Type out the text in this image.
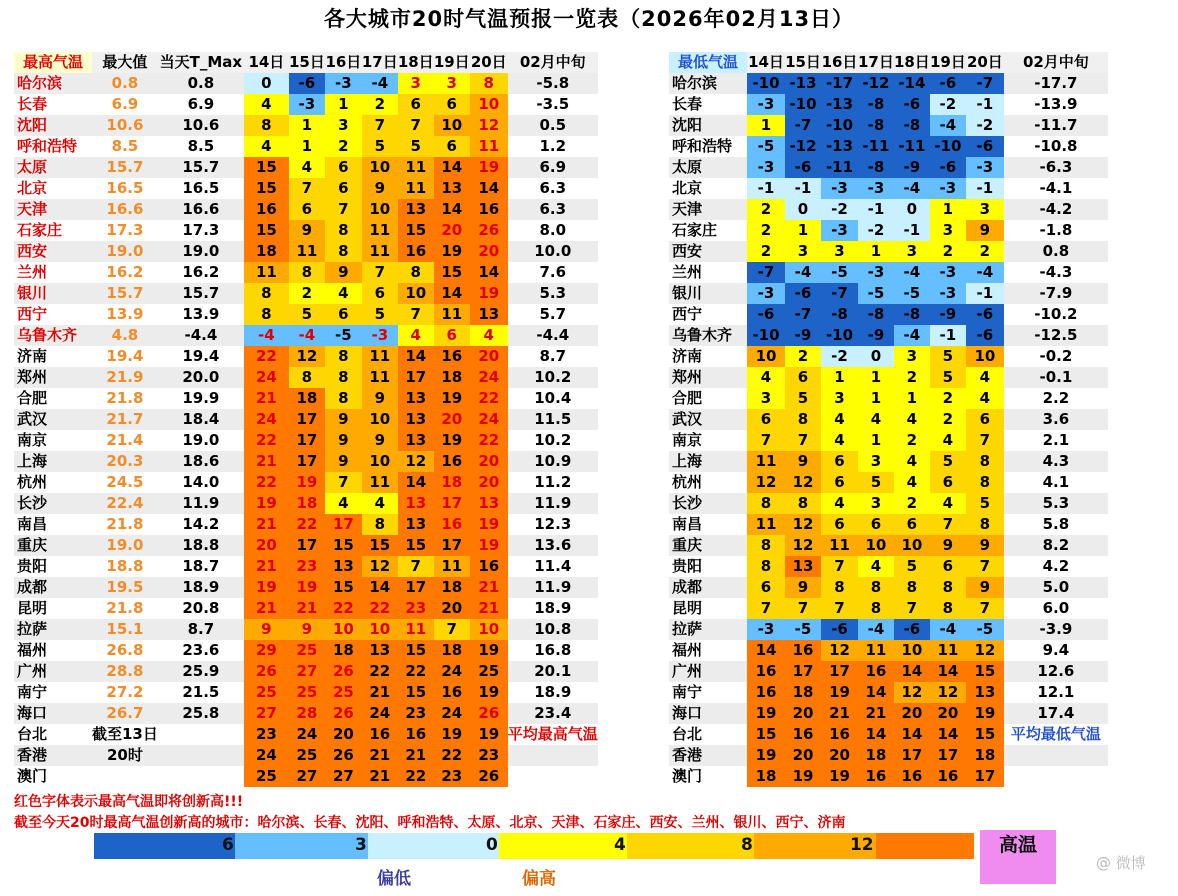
各大城市20时气温预报一览表（2026年02月13日）
最高气温	最大值	当天T_Max	14日	15日	16日	17日	18日	19日	20日	02月中旬
哈尔滨	0.8	0.8	0	-6	-3	-4	3	3	8	-5.8
长春	6.9	6.9	4	-3	1	2	6	6	10	-3.5
沈阳	10.6	10.6	8	1	3	7	7	10	12	0.5
呼和浩特	8.5	8.5	4	1	2	5	5	6	11	1.2
太原	15.7	15.7	15	4	6	10	11	14	19	6.9
北京	16.5	16.5	15	7	6	9	11	13	14	6.3
天津	16.6	16.6	16	6	7	10	13	14	16	6.3
石家庄	17.3	17.3	15	9	8	11	15	20	26	8.0
西安	19.0	19.0	18	11	8	11	16	19	20	10.0
兰州	16.2	16.2	11	8	9	7	8	15	14	7.6
银川	15.7	15.7	8	2	4	6	10	14	19	5.3
西宁	13.9	13.9	8	5	6	5	7	11	13	5.7
乌鲁木齐	4.8	-4.4	-4	-4	-5	-3	4	6	4	-4.4
济南	19.4	19.4	22	12	8	11	14	16	20	8.7
郑州	21.9	20.0	24	8	8	11	17	18	24	10.2
合肥	21.8	19.9	21	18	8	9	13	19	22	10.4
武汉	21.7	18.4	24	17	9	10	13	20	24	11.5
南京	21.4	19.0	22	17	9	9	13	19	22	10.2
上海	20.3	18.6	21	17	9	10	12	16	20	10.9
杭州	24.5	14.0	22	19	7	11	14	18	20	11.2
长沙	22.4	11.9	19	18	4	4	13	17	13	11.9
南昌	21.8	14.2	21	22	17	8	13	16	19	12.3
重庆	19.0	18.8	20	17	15	15	15	17	19	13.6
贵阳	18.8	18.7	21	23	13	12	7	11	16	11.4
成都	19.5	18.9	19	19	15	14	17	18	21	11.9
昆明	21.8	20.8	21	21	22	22	23	20	21	18.9
拉萨	15.1	8.7	9	9	10	10	11	7	10	10.8
福州	26.8	23.6	29	25	18	13	15	18	19	16.8
广州	28.8	25.9	26	27	26	22	22	24	25	20.1
南宁	27.2	21.5	25	25	25	21	15	16	19	18.9
海口	26.7	25.8	27	28	26	24	23	24	26	23.4
台北	截至13日		23	24	20	16	16	19	19	平均最高气温
香港	20时		24	25	26	21	21	22	23	
澳门			25	27	27	21	22	23	26	
最低气温	14日	15日	16日	17日	18日	19日	20日	02月中旬
哈尔滨	-10	-13	-17	-12	-14	-6	-7	-17.7
长春	-3	-10	-13	-8	-6	-2	-1	-13.9
沈阳	1	-7	-10	-8	-8	-4	-2	-11.7
呼和浩特	-5	-12	-13	-11	-11	-10	-6	-10.8
太原	-3	-6	-11	-8	-9	-6	-3	-6.3
北京	-1	-1	-3	-3	-4	-3	-1	-4.1
天津	2	0	-2	-1	0	1	3	-4.2
石家庄	2	1	-3	-2	-1	3	9	-1.8
西安	2	3	3	1	3	2	2	0.8
兰州	-7	-4	-5	-3	-4	-3	-4	-4.3
银川	-3	-6	-7	-5	-5	-3	-1	-7.9
西宁	-6	-7	-8	-8	-8	-9	-6	-10.2
乌鲁木齐	-10	-9	-10	-9	-4	-1	-6	-12.5
济南	10	2	-2	0	3	5	10	-0.2
郑州	4	6	1	1	2	5	4	-0.1
合肥	3	5	3	1	1	2	4	2.2
武汉	6	8	4	4	4	2	6	3.6
南京	7	7	4	1	2	4	7	2.1
上海	11	9	6	3	4	5	8	4.3
杭州	12	12	6	5	4	6	8	4.1
长沙	8	8	4	3	2	4	5	5.3
南昌	11	12	6	6	6	7	8	5.8
重庆	8	12	11	10	10	9	9	8.2
贵阳	8	13	7	4	5	6	7	4.2
成都	6	9	8	8	8	8	9	5.0
昆明	7	7	7	8	7	8	7	6.0
拉萨	-3	-5	-6	-4	-6	-4	-5	-3.9
福州	14	16	12	11	10	11	12	9.4
广州	16	17	17	16	14	14	15	12.6
南宁	16	18	19	14	12	12	13	12.1
海口	19	20	21	21	20	20	19	17.4
台北	15	16	16	14	14	14	15	平均最低气温
香港	19	20	20	18	17	17	18	
澳门	18	19	19	16	16	16	17	
红色字体表示最高气温即将创新高!!!
截至今天20时最高气温创新高的城市：哈尔滨、长春、沈阳、呼和浩特、太原、北京、天津、石家庄、西安、兰州、银川、西宁、济南
6	3	0	4	8	12	高温
偏低	偏高
@ 微博
